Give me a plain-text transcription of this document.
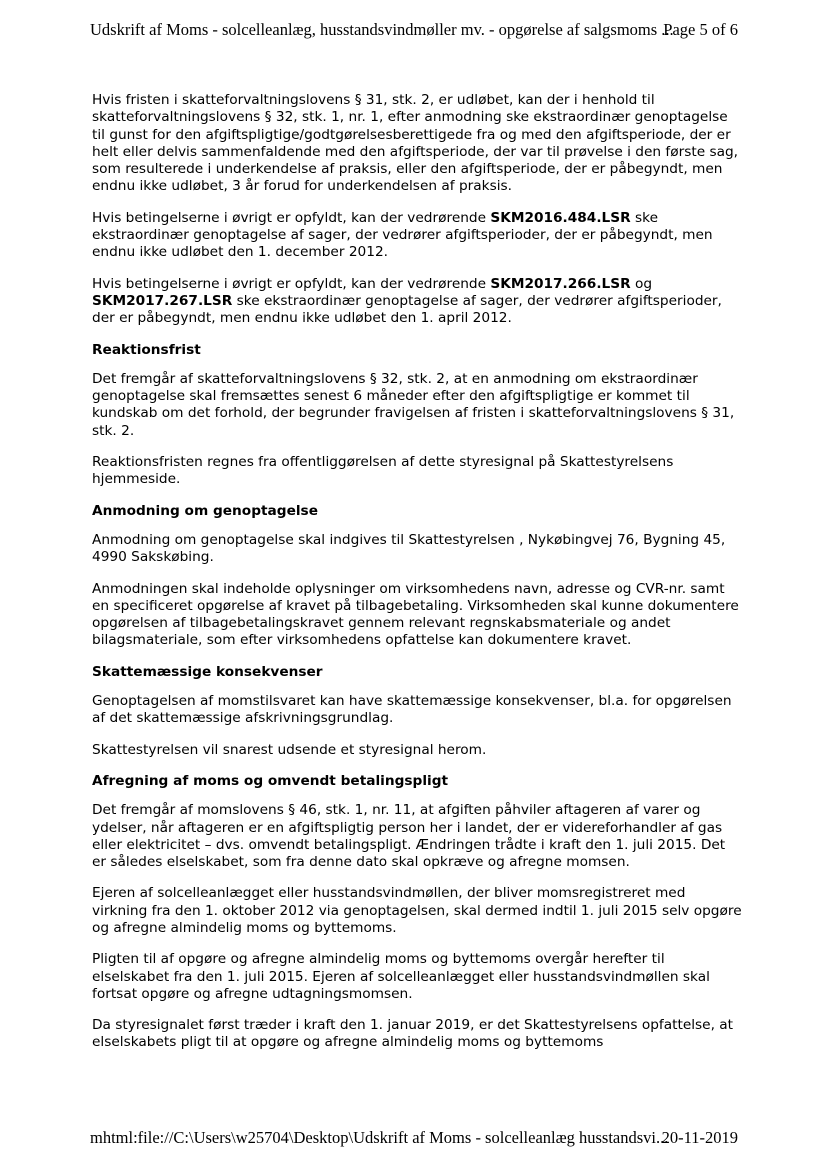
Udskrift af Moms - solcelleanlæg, husstandsvindmøller mv. - opgørelse af salgsmoms ...
Page 5 of 6

Hvis fristen i skatteforvaltningslovens § 31, stk. 2, er udløbet, kan der i henhold til skatteforvaltningslovens § 32, stk. 1, nr. 1, efter anmodning ske ekstraordinær genoptagelse til gunst for den afgiftspligtige/godtgørelsesberettigede fra og med den afgiftsperiode, der er helt eller delvis sammenfaldende med den afgiftsperiode, der var til prøvelse i den første sag, som resulterede i underkendelse af praksis, eller den afgiftsperiode, der er påbegyndt, men endnu ikke udløbet, 3 år forud for underkendelsen af praksis.

Hvis betingelserne i øvrigt er opfyldt, kan der vedrørende SKM2016.484.LSR ske ekstraordinær genoptagelse af sager, der vedrører afgiftsperioder, der er påbegyndt, men endnu ikke udløbet den 1. december 2012.

Hvis betingelserne i øvrigt er opfyldt, kan der vedrørende SKM2017.266.LSR og SKM2017.267.LSR ske ekstraordinær genoptagelse af sager, der vedrører afgiftsperioder, der er påbegyndt, men endnu ikke udløbet den 1. april 2012.

Reaktionsfrist

Det fremgår af skatteforvaltningslovens § 32, stk. 2, at en anmodning om ekstraordinær genoptagelse skal fremsættes senest 6 måneder efter den afgiftspligtige er kommet til kundskab om det forhold, der begrunder fravigelsen af fristen i skatteforvaltningslovens § 31, stk. 2.

Reaktionsfristen regnes fra offentliggørelsen af dette styresignal på Skattestyrelsens hjemmeside.

Anmodning om genoptagelse

Anmodning om genoptagelse skal indgives til Skattestyrelsen , Nykøbingvej 76, Bygning 45, 4990 Sakskøbing.

Anmodningen skal indeholde oplysninger om virksomhedens navn, adresse og CVR-nr. samt en specificeret opgørelse af kravet på tilbagebetaling. Virksomheden skal kunne dokumentere opgørelsen af tilbagebetalingskravet gennem relevant regnskabsmateriale og andet bilagsmateriale, som efter virksomhedens opfattelse kan dokumentere kravet.

Skattemæssige konsekvenser

Genoptagelsen af momstilsvaret kan have skattemæssige konsekvenser, bl.a. for opgørelsen af det skattemæssige afskrivningsgrundlag.

Skattestyrelsen vil snarest udsende et styresignal herom.

Afregning af moms og omvendt betalingspligt

Det fremgår af momslovens § 46, stk. 1, nr. 11, at afgiften påhviler aftageren af varer og ydelser, når aftageren er en afgiftspligtig person her i landet, der er videreforhandler af gas eller elektricitet – dvs. omvendt betalingspligt. Ændringen trådte i kraft den 1. juli 2015. Det er således elselskabet, som fra denne dato skal opkræve og afregne momsen.

Ejeren af solcelleanlægget eller husstandsvindmøllen, der bliver momsregistreret med virkning fra den 1. oktober 2012 via genoptagelsen, skal dermed indtil 1. juli 2015 selv opgøre og afregne almindelig moms og byttemoms.

Pligten til af opgøre og afregne almindelig moms og byttemoms overgår herefter til elselskabet fra den 1. juli 2015. Ejeren af solcelleanlægget eller husstandsvindmøllen skal fortsat opgøre og afregne udtagningsmomsen.

Da styresignalet først træder i kraft den 1. januar 2019, er det Skattestyrelsens opfattelse, at elselskabets pligt til at opgøre og afregne almindelig moms og byttemoms

mhtml:file://C:\Users\w25704\Desktop\Udskrift af Moms - solcelleanlæg husstandsvi...
20-11-2019
